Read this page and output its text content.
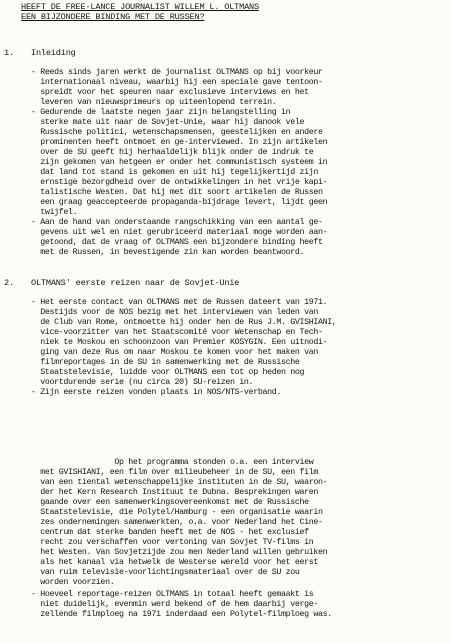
HEEFT DE FREE-LANCE JOURNALIST WILLEM L. OLTMANS
EEN BIJZONDERE BINDING MET DE RUSSEN?
1. Inleiding
- Reeds sinds jaren werkt de journalist OLTMANS op bij voorkeur
internationaal niveau, waarbij hij een speciale gave tentoon-
spreidt voor het speuren naar exclusieve interviews en het
leveren van nieuwsprimeurs op uiteenlopend terrein.
- Gedurende de laatste negen jaar zijn belangstelling in
sterke mate uit naar de Sovjet-Unie, waar hij danook vele
Russische politici, wetenschapsmensen, geestelijken en andere
prominenten heeft ontmoet en ge-interviewed. In zijn artikelen
over de SU geeft hij herhaaldelijk blijk onder de indruk te
zijn gekomen van hetgeen er onder het communistisch systeem in
dat land tot stand is gekomen en uit hij tegelijkertijd zijn
ernstige bezorgdheid over de ontwikkelingen in het vrije kapi-
talistische Westen. Dat hij met dit soort artikelen de Russen
een graag geaccepteerde propaganda-bijdrage levert, lijdt geen
twijfel.
- Aan de hand van onderstaande rangschikking van een aantal ge-
gevens uit wel en niet gerubriceerd materiaal moge worden aan-
getoond, dat de vraag of OLTMANS een bijzondere binding heeft
met de Russen, in bevestigende zin kan worden beantwoord.
2. OLTMANS' eerste reizen naar de Sovjet-Unie
- Het eerste contact van OLTMANS met de Russen dateert van 1971.
Destijds voor de NOS bezig met het interviewen van leden van
de Club van Rome, ontmoette hij onder hen de Rus J.M. GVISHIANI,
vice-voorzitter van het Staatscomité voor Wetenschap en Tech-
niek te Moskou en schoonzoon van Premier KOSYGIN. Een uitnodi-
ging van deze Rus om naar Moskou te komen voor het maken van
filmreportages in de SU in samenwerking met de Russische
Staatstelevisie, luidde voor OLTMANS een tot op heden nog
voortdurende serie (nu circa 20) SU-reizen in.
- Zijn eerste reizen vonden plaats in NOS/NTS-verband.
Op het programma stonden o.a. een interview
met GVISHIANI, een film over milieubeheer in de SU, een film
van een tiental wetenschappelijke instituten in de SU, waaron-
der het Kern Research Instituut te Dubna. Besprekingen waren
gaande over een samenwerkingsovereenkomst met de Russische
Staatstelevisie, die Polytel/Hamburg - een organisatie waarin
zes ondernemingen samenwerkten, o.a. voor Nederland het Cine-
centrum dat sterke banden heeft met de NOS - het exclusief
recht zou verschaffen voor vertoning van Sovjet TV-films in
het Westen. Van Sovjetzijde zou men Nederland willen gebruiken
als het kanaal via hetwelk de Westerse wereld voor het eerst
van ruim televisie-voorlichtingsmateriaal over de SU zou
worden voorzien.
- Hoeveel reportage-reizen OLTMANS in totaal heeft gemaakt is
niet duidelijk, evenmin werd bekend of de hem daarbij verge-
zellende filmploeg na 1971 inderdaad een Polytel-filmploeg was.
